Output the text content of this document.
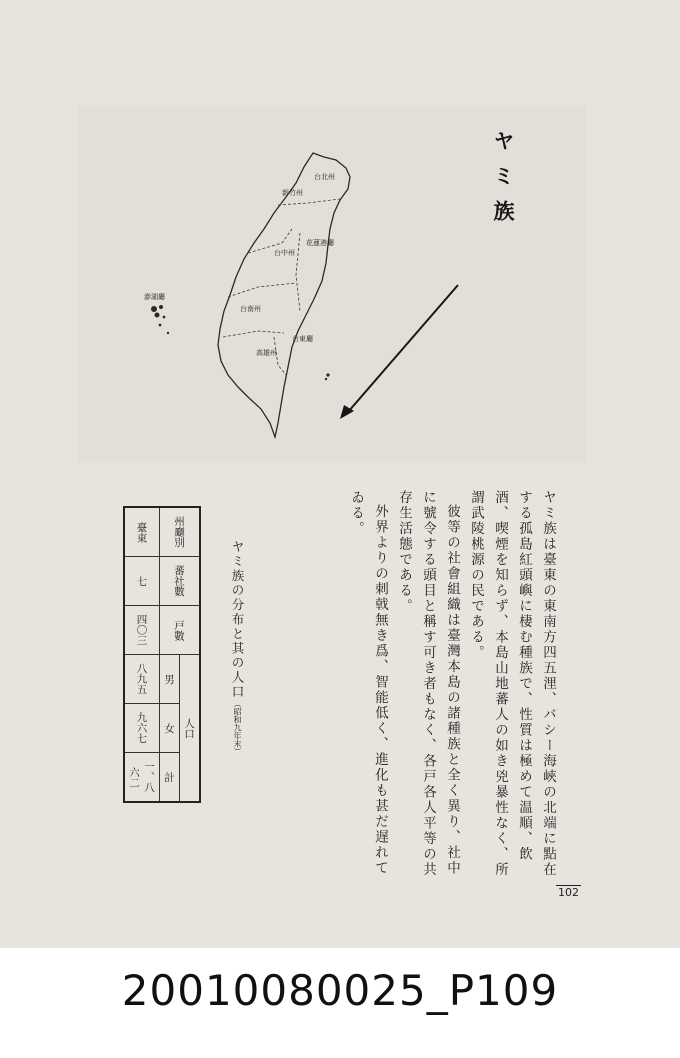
台北州
新竹州
台中州
花蓮港廳
台南州
高雄州
台東廳
澎湖廳
ヤミ族

ヤミ族は臺東の東南方四五浬、バシー海峽の北端に點在する孤島紅頭嶼に棲む種族で、性質は極めて温順、飲酒、喫煙を知らず、本島山地蕃人の如き兇暴性なく、所謂武陵桃源の民である。

彼等の社會組織は臺灣本島の諸種族と全く異り、社中に號令する頭目と稱す可き者もなく、各戸各人平等の共存生活態である。

外界よりの刺戟無き爲、智能低く、進化も甚だ遅れてゐる。

ヤミ族の分布と其の人口（昭和九年末）
州廳別	蕃社數	戸數	人口
男	女	計
臺東	七	四〇三	八九五	九六七	一、八六二
102
20010080025_P109
